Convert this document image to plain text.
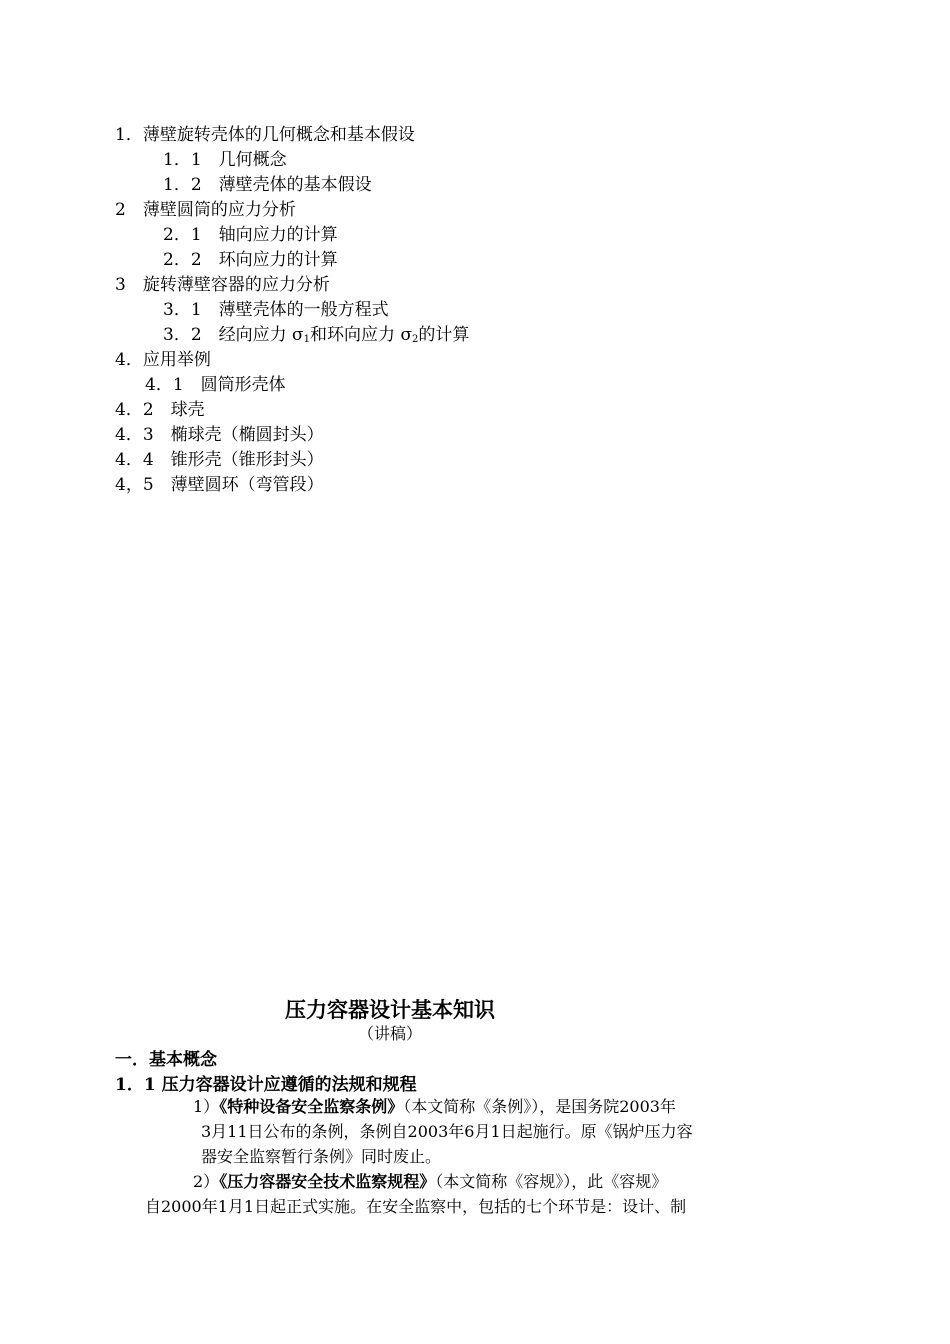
1．薄壁旋转壳体的几何概念和基本假设
1．1　几何概念
1．2　薄壁壳体的基本假设
2　薄壁圆筒的应力分析
2．1　轴向应力的计算
2．2　环向应力的计算
3　旋转薄壁容器的应力分析
3．1　薄壁壳体的一般方程式
3．2　经向应力 $\sigma_1$和环向应力 $\sigma_2$的计算
4．应用举例
4．1　圆筒形壳体
4．2　球壳
4．3　椭球壳（椭圆封头）
4．4　锥形壳（锥形封头）
4，5　薄壁圆环（弯管段）
压力容器设计基本知识
（讲稿）
一．基本概念
1．1 压力容器设计应遵循的法规和规程
1）《特种设备安全监察条例》（本文简称《条例》），是国务院2003年
3月11日公布的条例，条例自2003年6月1日起施行。原《锅炉压力容
器安全监察暂行条例》同时废止。
2）《压力容器安全技术监察规程》（本文简称《容规》），此《容规》
自2000年1月1日起正式实施。在安全监察中，包括的七个环节是：设计、制
